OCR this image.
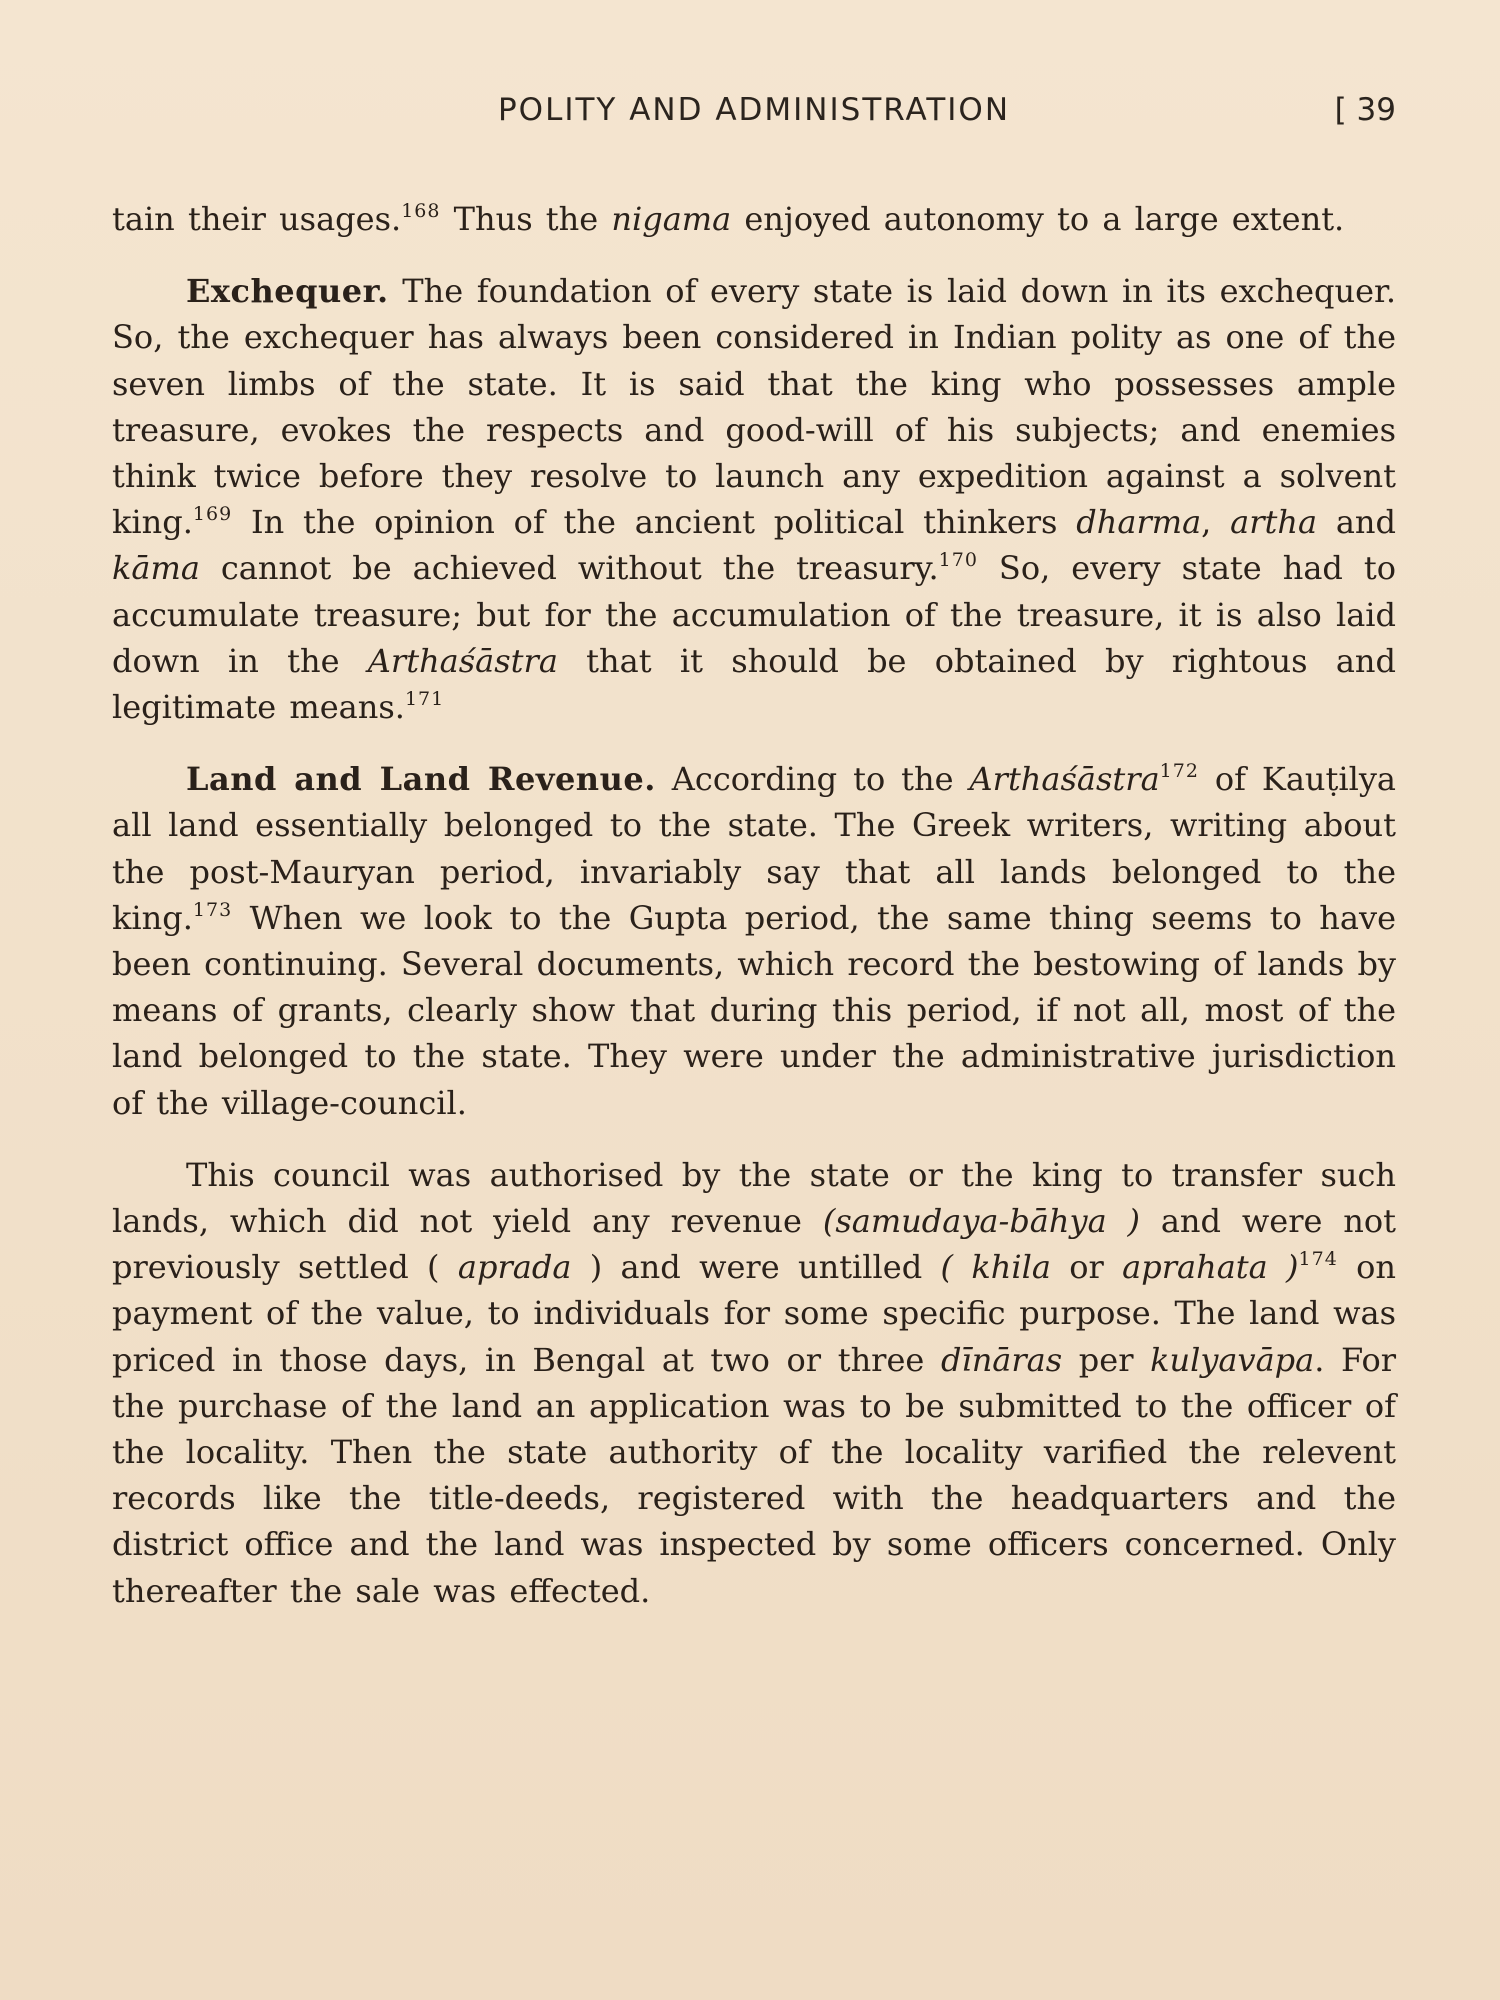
POLITY AND ADMINISTRATION	[ 39

tain their usages.$^{168}$ Thus the nigama enjoyed autonomy to a large extent.

Exchequer. The foundation of every state is laid down in its exchequer. So, the exchequer has always been considered in Indian polity as one of the seven limbs of the state. It is said that the king who possesses ample treasure, evokes the respects and good-will of his subjects; and enemies think twice before they resolve to launch any expedition against a solvent king.$^{169}$ In the opinion of the ancient political thinkers dharma, artha and kāma cannot be achieved without the treasury.$^{170}$ So, every state had to accumulate treasure; but for the accumulation of the treasure, it is also laid down in the Arthaśāstra that it should be obtained by rightous and legitimate means.$^{171}$

Land and Land Revenue. According to the Arthaśāstra$^{172}$ of Kauṭilya all land essentially belonged to the state. The Greek writers, writing about the post-Mauryan period, invariably say that all lands belonged to the king.$^{173}$ When we look to the Gupta period, the same thing seems to have been continuing. Several documents, which record the bestowing of lands by means of grants, clearly show that during this period, if not all, most of the land belonged to the state. They were under the administrative jurisdiction of the village-council.

This council was authorised by the state or the king to transfer such lands, which did not yield any revenue (samudaya-bāhya ) and were not previously settled ( aprada ) and were untilled ( khila or aprahata )$^{174}$ on payment of the value, to individuals for some specific purpose. The land was priced in those days, in Bengal at two or three dīnāras per kulyavāpa. For the purchase of the land an application was to be submitted to the officer of the locality. Then the state authority of the locality varified the relevent records like the title-deeds, registered with the headquarters and the district office and the land was inspected by some officers concerned. Only thereafter the sale was effected.
